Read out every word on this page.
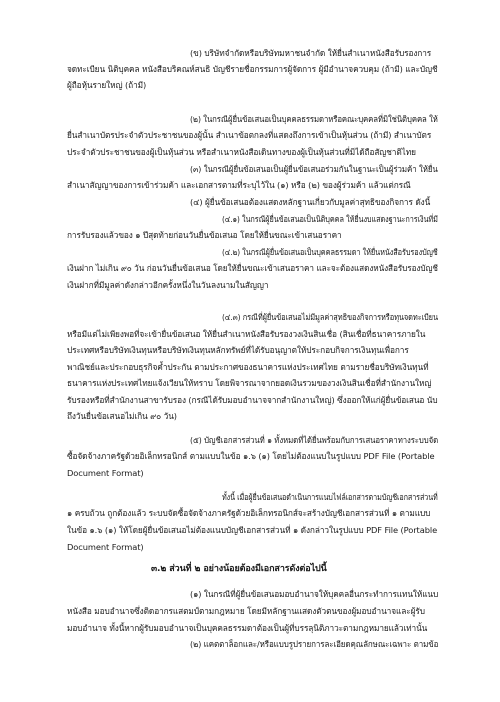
(ข) บริษัทจำกัดหรือบริษัทมหาชนจำกัด ให้ยื่นสำเนาหนังสือรับรองการ
จดทะเบียน นิติบุคคล หนังสือบริคณห์สนธิ บัญชีรายชื่อกรรมการผู้จัดการ ผู้มีอำนาจควบคุม (ถ้ามี) และบัญชี
ผู้ถือหุ้นรายใหญ่ (ถ้ามี)
(๒) ในกรณีผู้ยื่นข้อเสนอเป็นบุคคลธรรมดาหรือคณะบุคคลที่มิใช่นิติบุคคล ให้
ยื่นสำเนาบัตรประจำตัวประชาชนของผู้นั้น สำเนาข้อตกลงที่แสดงถึงการเข้าเป็นหุ้นส่วน (ถ้ามี) สำเนาบัตร
ประจำตัวประชาชนของผู้เป็นหุ้นส่วน หรือสำเนาหนังสือเดินทางของผู้เป็นหุ้นส่วนที่มิได้ถือสัญชาติไทย
(๓) ในกรณีผู้ยื่นข้อเสนอเป็นผู้ยื่นข้อเสนอร่วมกันในฐานะเป็นผู้ร่วมค้า ให้ยื่น
สำเนาสัญญาของการเข้าร่วมค้า และเอกสารตามที่ระบุไว้ใน (๑) หรือ (๒) ของผู้ร่วมค้า แล้วแต่กรณี
(๔) ผู้ยื่นข้อเสนอต้องแสดงหลักฐานเกี่ยวกับมูลค่าสุทธิของกิจการ ดังนี้
(๔.๑) ในกรณีผู้ยื่นข้อเสนอเป็นนิติบุคคล ให้ยื่นงบแสดงฐานะการเงินที่มี
การรับรองแล้วของ ๑ ปีสุดท้ายก่อนวันยื่นข้อเสนอ โดยให้ยื่นขณะเข้าเสนอราคา
(๔.๒) ในกรณีผู้ยื่นข้อเสนอเป็นบุคคลธรรมดา ให้ยื่นหนังสือรับรองบัญชี
เงินฝาก ไม่เกิน ๙๐ วัน ก่อนวันยื่นข้อเสนอ โดยให้ยื่นขณะเข้าเสนอราคา และจะต้องแสดงหนังสือรับรองบัญชี
เงินฝากที่มีมูลค่าดังกล่าวอีกครั้งหนึ่งในวันลงนามในสัญญา
(๔.๓) กรณีที่ผู้ยื่นข้อเสนอไม่มีมูลค่าสุทธิของกิจการหรือทุนจดทะเบียน
หรือมีแต่ไม่เพียงพอที่จะเข้ายื่นข้อเสนอ ให้ยื่นสำเนาหนังสือรับรองวงเงินสินเชื่อ (สินเชื่อที่ธนาคารภายใน
ประเทศหรือบริษัทเงินทุนหรือบริษัทเงินทุนหลักทรัพย์ที่ได้รับอนุญาตให้ประกอบกิจการเงินทุนเพื่อการ
พาณิชย์และประกอบธุรกิจค้ำประกัน ตามประกาศของธนาคารแห่งประเทศไทย ตามรายชื่อบริษัทเงินทุนที่
ธนาคารแห่งประเทศไทยแจ้งเวียนให้ทราบ โดยพิจารณาจากยอดเงินรวมของวงเงินสินเชื่อที่สำนักงานใหญ่
รับรองหรือที่สำนักงานสาขารับรอง (กรณีได้รับมอบอำนาจจากสำนักงานใหญ่) ซึ่งออกให้แก่ผู้ยื่นข้อเสนอ นับ
ถึงวันยื่นข้อเสนอไม่เกิน ๙๐ วัน)
(๕) บัญชีเอกสารส่วนที่ ๑ ทั้งหมดที่ได้ยื่นพร้อมกับการเสนอราคาทางระบบจัด
ซื้อจัดจ้างภาครัฐด้วยอิเล็กทรอนิกส์ ตามแบบในข้อ ๑.๖ (๑) โดยไม่ต้องแนบในรูปแบบ PDF File (Portable
Document Format)
ทั้งนี้ เมื่อผู้ยื่นข้อเสนอดำเนินการแนบไฟล์เอกสารตามบัญชีเอกสารส่วนที่
๑ ครบถ้วน ถูกต้องแล้ว ระบบจัดซื้อจัดจ้างภาครัฐด้วยอิเล็กทรอนิกส์จะสร้างบัญชีเอกสารส่วนที่ ๑ ตามแบบ
ในข้อ ๑.๖ (๑) ให้โดยผู้ยื่นข้อเสนอไม่ต้องแนบบัญชีเอกสารส่วนที่ ๑ ดังกล่าวในรูปแบบ PDF File (Portable
Document Format)
๓.๒ ส่วนที่ ๒ อย่างน้อยต้องมีเอกสารดังต่อไปนี้
(๑) ในกรณีที่ผู้ยื่นข้อเสนอมอบอำนาจให้บุคคลอื่นกระทำการแทนให้แนบ
หนังสือ มอบอำนาจซึ่งติดอากรแสตมป์ตามกฎหมาย โดยมีหลักฐานแสดงตัวตนของผู้มอบอำนาจและผู้รับ
มอบอำนาจ ทั้งนี้หากผู้รับมอบอำนาจเป็นบุคคลธรรมดาต้องเป็นผู้ที่บรรลุนิติภาวะตามกฎหมายแล้วเท่านั้น
(๒) แคตตาล็อกและ/หรือแบบรูปรายการละเอียดคุณลักษณะเฉพาะ ตามข้อ
